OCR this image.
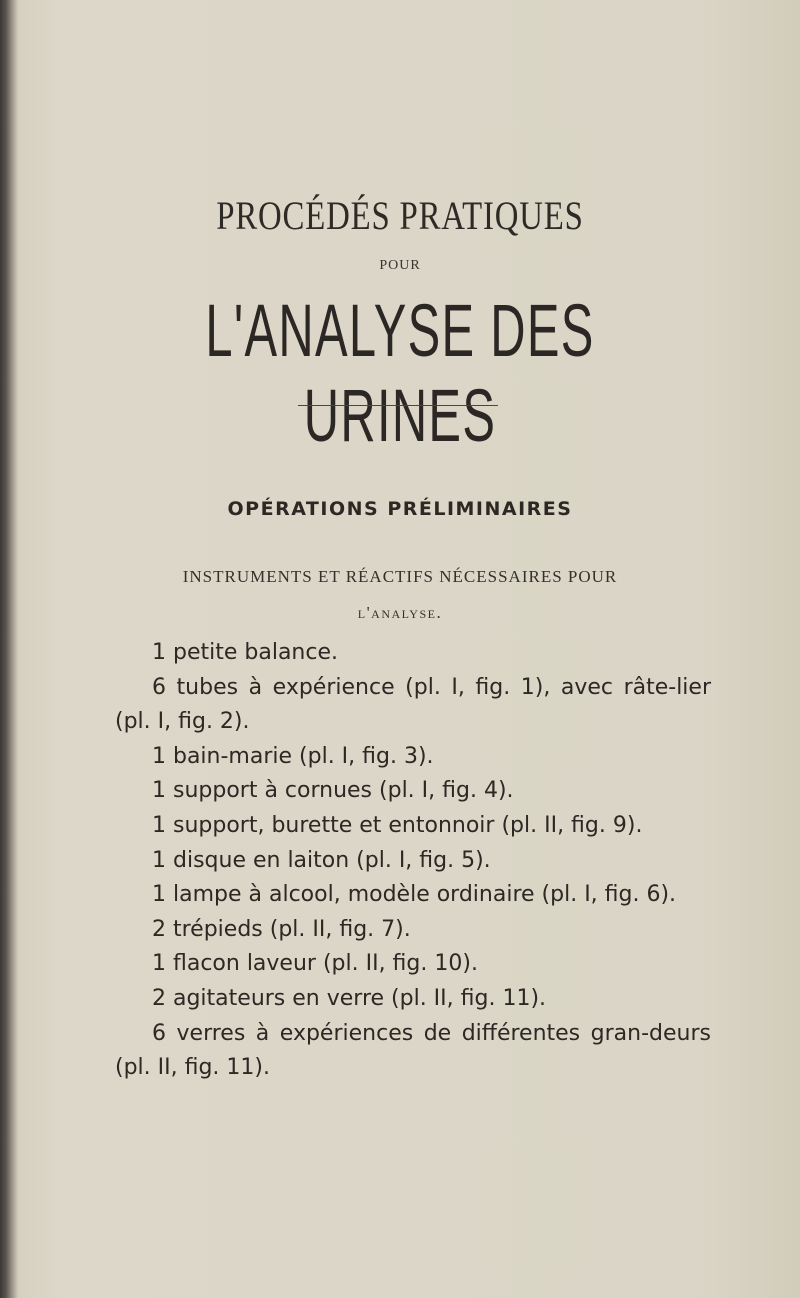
PROCÉDÉS PRATIQUES
POUR
L'ANALYSE DES URINES
OPÉRATIONS PRÉLIMINAIRES
INSTRUMENTS ET RÉACTIFS NÉCESSAIRES POUR
l'analyse.
1 petite balance.
6 tubes à expérience (pl. I, fig. 1), avec râte-lier (pl. I, fig. 2).
1 bain-marie (pl. I, fig. 3).
1 support à cornues (pl. I, fig. 4).
1 support, burette et entonnoir (pl. II, fig. 9).
1 disque en laiton (pl. I, fig. 5).
1 lampe à alcool, modèle ordinaire (pl. I, fig. 6).
2 trépieds (pl. II, fig. 7).
1 flacon laveur (pl. II, fig. 10).
2 agitateurs en verre (pl. II, fig. 11).
6 verres à expériences de différentes gran-deurs (pl. II, fig. 11).
